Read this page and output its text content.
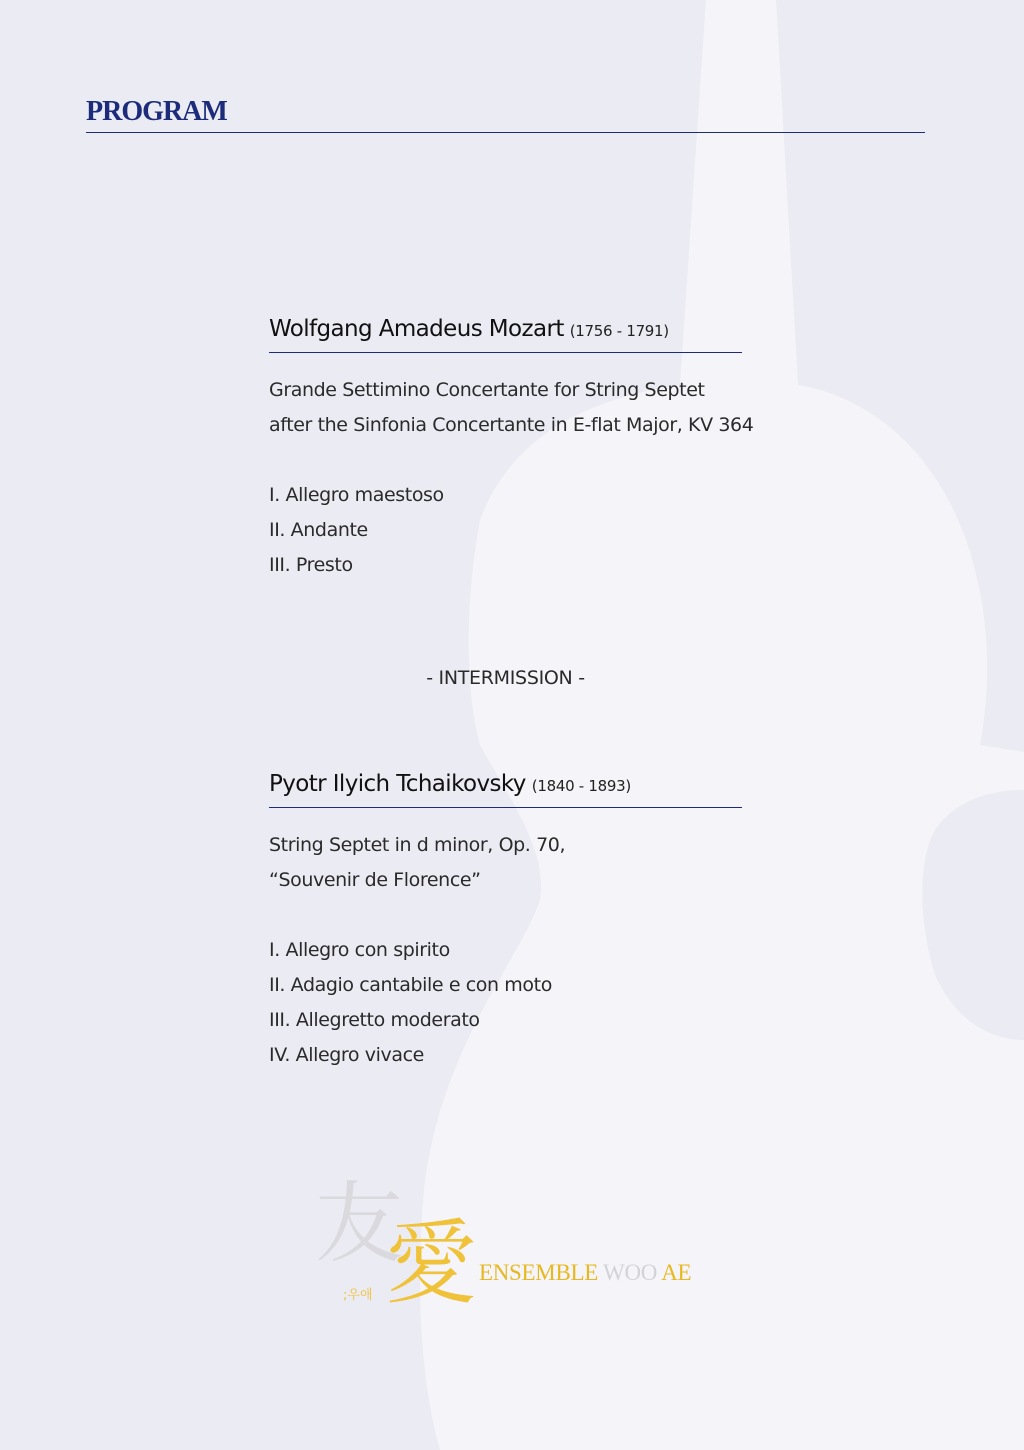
PROGRAM
Wolfgang Amadeus Mozart (1756 - 1791)
Grande Settimino Concertante for String Septet
after the Sinfonia Concertante in E-flat Major, KV 364
I. Allegro maestoso
II. Andante
III. Presto
- INTERMISSION -
Pyotr Ilyich Tchaikovsky (1840 - 1893)
String Septet in d minor, Op. 70,
“Souvenir de Florence”
I. Allegro con spirito
II. Adagio cantabile e con moto
III. Allegretto moderato
IV. Allegro vivace
友
愛
;우애
ENSEMBLE WOO AE
